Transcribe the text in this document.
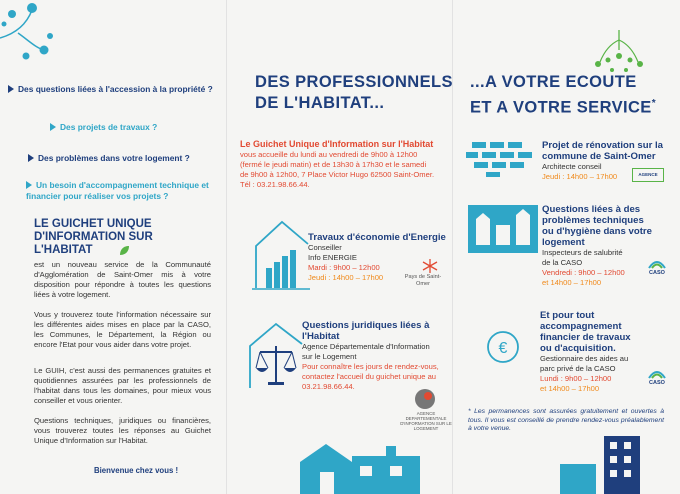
Des questions liées à l'accession à la propriété ?
Des projets de travaux ?
Des problèmes dans votre logement ?
Un besoin d'accompagnement technique et financier pour réaliser vos projets ?
LE GUICHET UNIQUE D'INFORMATION SUR L'HABITAT
est un nouveau service de la Communauté d'Agglomération de Saint-Omer mis à votre disposition pour répondre à toutes les questions liées à votre logement.
Vous y trouverez toute l'information nécessaire sur les différentes aides mises en place par la CASO, les Communes, le Département, la Région ou encore l'Etat pour vous aider dans votre projet.
Le GUIH, c'est aussi des permanences gratuites et quotidiennes assurées par les professionnels de l'habitat dans tous les domaines, pour mieux vous conseiller et vous orienter.
Questions techniques, juridiques ou financières, vous trouverez toutes les réponses au Guichet Unique d'Information sur l'Habitat.
Bienvenue chez vous !
DES PROFESSIONNELS
DE L'HABITAT...
Le Guichet Unique d'Information sur l'Habitat
vous accueille du lundi au vendredi de 9h00 à 12h00
(fermé le jeudi matin) et de 13h30 à 17h30 et le samedi
de 9h00 à 12h00, 7 Place Victor Hugo 62500 Saint-Omer.
Tél : 03.21.98.66.44.
Travaux d'économie d'Energie
Conseiller
Info ENERGIE
Mardi : 9h00 – 12h00
Jeudi : 14h00 – 17h00	Pays de Saint-Omer
Questions juridiques liées à l'Habitat
Agence Départementale d'Information
sur le Logement
Pour connaître les jours de rendez-vous,
contactez l'accueil du guichet unique au
03.21.98.66.44.
AGENCE DEPARTEMENTALE D'INFORMATION SUR LE LOGEMENT
...A VOTRE ECOUTE
ET A VOTRE SERVICE*
Projet de rénovation sur la
commune de Saint-Omer
Architecte conseil
Jeudi : 14h00 – 17h00	AGENCE
Questions liées à des
problèmes techniques
ou d'hygiène dans votre
logement
Inspecteurs de salubrité
de la CASO
Vendredi : 9h00 – 12h00
et 14h00 – 17h00
CASO
€
Et pour tout
accompagnement
financier de travaux
ou d'acquisition.
Gestionnaire des aides au
parc privé de la CASO
Lundi : 9h00 – 12h00
et 14h00 – 17h00
CASO
* Les permanences sont assurées gratuitement et ouvertes à tous. Il vous est conseillé de prendre rendez-vous préalablement à votre venue.
